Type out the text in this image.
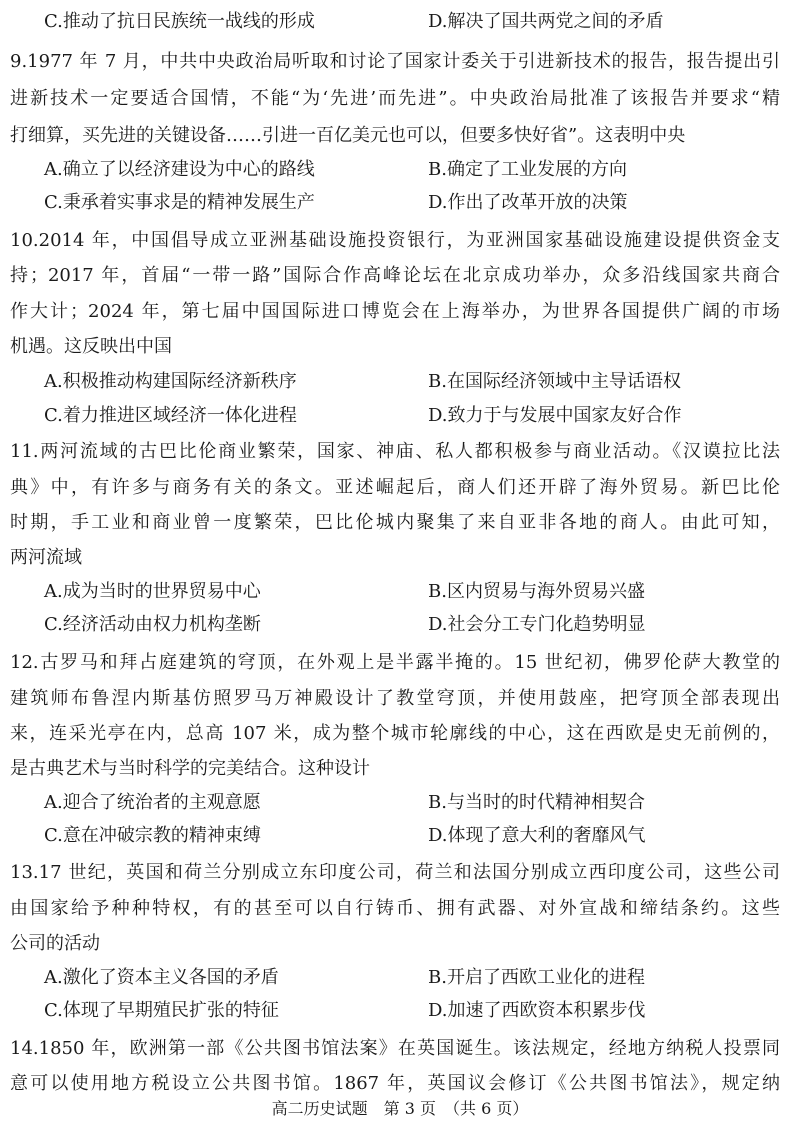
C.推动了抗日民族统一战线的形成	D.解决了国共两党之间的矛盾
9.1977 年 7 月，中共中央政治局听取和讨论了国家计委关于引进新技术的报告，报告提出引
进新技术一定要适合国情，不能“为‘先进’而先进”。中央政治局批准了该报告并要求“精
打细算，买先进的关键设备……引进一百亿美元也可以，但要多快好省”。这表明中央
A.确立了以经济建设为中心的路线	B.确定了工业发展的方向
C.秉承着实事求是的精神发展生产	D.作出了改革开放的决策
10.2014 年，中国倡导成立亚洲基础设施投资银行，为亚洲国家基础设施建设提供资金支
持；2017 年，首届“一带一路”国际合作高峰论坛在北京成功举办，众多沿线国家共商合
作大计；2024 年，第七届中国国际进口博览会在上海举办，为世界各国提供广阔的市场
机遇。这反映出中国
A.积极推动构建国际经济新秩序	B.在国际经济领域中主导话语权
C.着力推进区域经济一体化进程	D.致力于与发展中国家友好合作
11.两河流域的古巴比伦商业繁荣，国家、神庙、私人都积极参与商业活动。《汉谟拉比法
典》中，有许多与商务有关的条文。亚述崛起后，商人们还开辟了海外贸易。新巴比伦
时期，手工业和商业曾一度繁荣，巴比伦城内聚集了来自亚非各地的商人。由此可知，
两河流域
A.成为当时的世界贸易中心	B.区内贸易与海外贸易兴盛
C.经济活动由权力机构垄断	D.社会分工专门化趋势明显
12.古罗马和拜占庭建筑的穹顶，在外观上是半露半掩的。15 世纪初，佛罗伦萨大教堂的
建筑师布鲁涅内斯基仿照罗马万神殿设计了教堂穹顶，并使用鼓座，把穹顶全部表现出
来，连采光亭在内，总高 107 米，成为整个城市轮廓线的中心，这在西欧是史无前例的，
是古典艺术与当时科学的完美结合。这种设计
A.迎合了统治者的主观意愿	B.与当时的时代精神相契合
C.意在冲破宗教的精神束缚	D.体现了意大利的奢靡风气
13.17 世纪，英国和荷兰分别成立东印度公司，荷兰和法国分别成立西印度公司，这些公司
由国家给予种种特权，有的甚至可以自行铸币、拥有武器、对外宣战和缔结条约。这些
公司的活动
A.激化了资本主义各国的矛盾	B.开启了西欧工业化的进程
C.体现了早期殖民扩张的特征	D.加速了西欧资本积累步伐
14.1850 年，欧洲第一部《公共图书馆法案》在英国诞生。该法规定，经地方纳税人投票同
意可以使用地方税设立公共图书馆。1867 年，英国议会修订《公共图书馆法》，规定纳
高二历史试题　第 3 页　（共 6 页）
